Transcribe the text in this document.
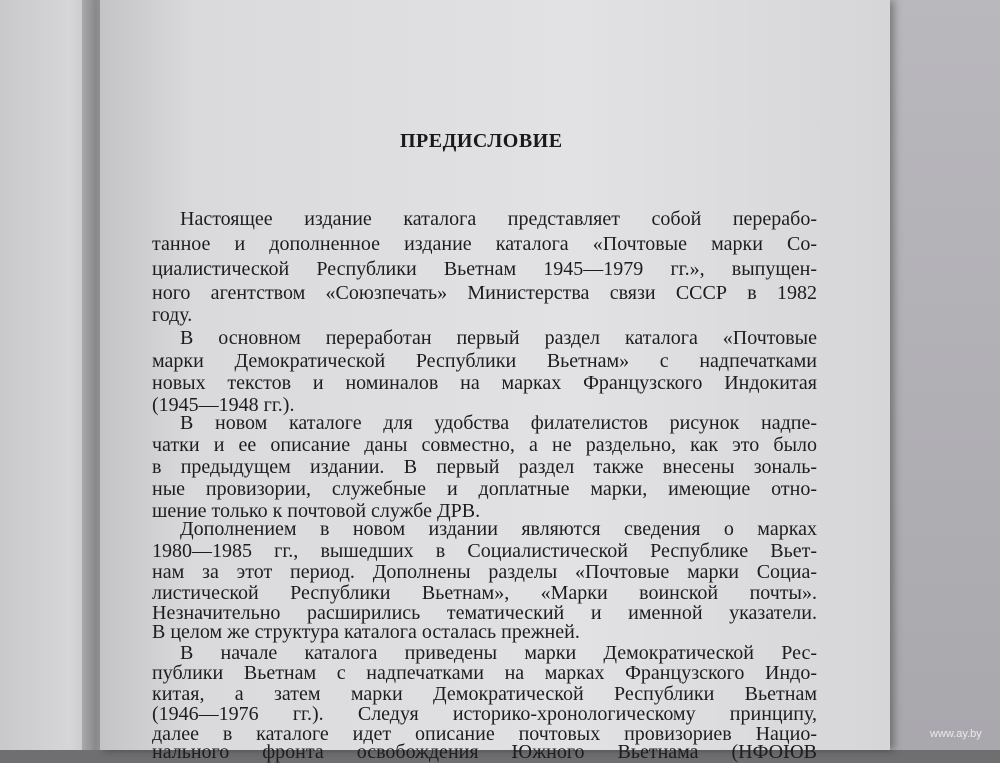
ПРЕДИСЛОВИЕ

Настоящее издание каталога представляет собой перерабо-

танное и дополненное издание каталога «Почтовые марки Со-

циалистической Республики Вьетнам 1945—1979 гг.», выпущен-

ного агентством «Союзпечать» Министерства связи СССР в 1982

году.

В основном переработан первый раздел каталога «Почтовые

марки Демократической Республики Вьетнам» с надпечатками

новых текстов и номиналов на марках Французского Индокитая

(1945—1948 гг.).

В новом каталоге для удобства филателистов рисунок надпе-

чатки и ее описание даны совместно, а не раздельно, как это было

в предыдущем издании. В первый раздел также внесены зональ-

ные провизории, служебные и доплатные марки, имеющие отно-

шение только к почтовой службе ДРВ.

Дополнением в новом издании являются сведения о марках

1980—1985 гг., вышедших в Социалистической Республике Вьет-

нам за этот период. Дополнены разделы «Почтовые марки Социа-

листической Республики Вьетнам», «Марки воинской почты».

Незначительно расширились тематический и именной указатели.

В целом же структура каталога осталась прежней.

В начале каталога приведены марки Демократической Рес-

публики Вьетнам с надпечатками на марках Французского Индо-

китая, а затем марки Демократической Республики Вьетнам

(1946—1976 гг.). Следуя историко-хронологическому принципу,

далее в каталоге идет описание почтовых провизориев Нацио-

нального фронта освобождения Южного Вьетнама (НФОЮВ

www.ay.by
